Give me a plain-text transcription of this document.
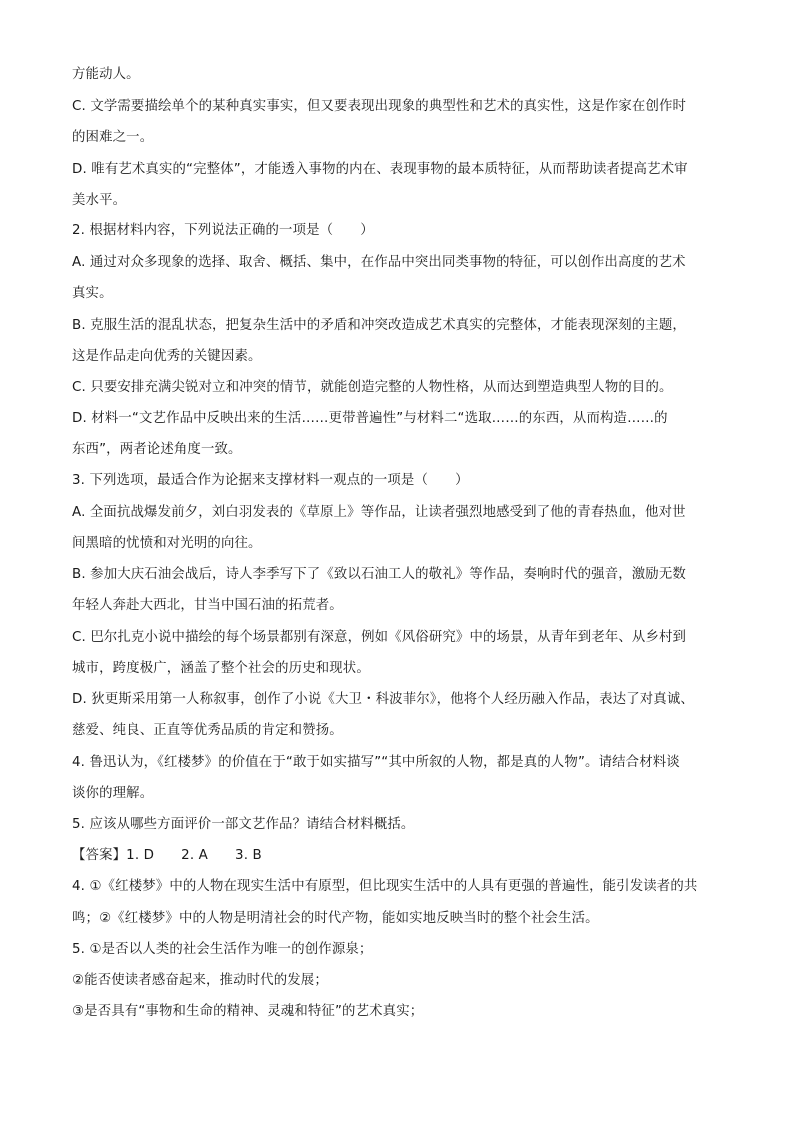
方能动人。
C. 文学需要描绘单个的某种真实事实，但又要表现出现象的典型性和艺术的真实性，这是作家在创作时
的困难之一。
D. 唯有艺术真实的“完整体”，才能透入事物的内在、表现事物的最本质特征，从而帮助读者提高艺术审
美水平。
2. 根据材料内容，下列说法正确的一项是（　　）
A. 通过对众多现象的选择、取舍、概括、集中，在作品中突出同类事物的特征，可以创作出高度的艺术
真实。
B. 克服生活的混乱状态，把复杂生活中的矛盾和冲突改造成艺术真实的完整体，才能表现深刻的主题，
这是作品走向优秀的关键因素。
C. 只要安排充满尖锐对立和冲突的情节，就能创造完整的人物性格，从而达到塑造典型人物的目的。
D. 材料一“文艺作品中反映出来的生活……更带普遍性”与材料二“选取……的东西，从而构造……的
东西”，两者论述角度一致。
3. 下列选项，最适合作为论据来支撑材料一观点的一项是（　　）
A. 全面抗战爆发前夕，刘白羽发表的《草原上》等作品，让读者强烈地感受到了他的青春热血，他对世
间黑暗的忧愤和对光明的向往。
B. 参加大庆石油会战后，诗人李季写下了《致以石油工人的敬礼》等作品，奏响时代的强音，激励无数
年轻人奔赴大西北，甘当中国石油的拓荒者。
C. 巴尔扎克小说中描绘的每个场景都别有深意，例如《风俗研究》中的场景，从青年到老年、从乡村到
城市，跨度极广，涵盖了整个社会的历史和现状。
D. 狄更斯采用第一人称叙事，创作了小说《大卫・科波菲尔》，他将个人经历融入作品，表达了对真诚、
慈爱、纯良、正直等优秀品质的肯定和赞扬。
4. 鲁迅认为，《红楼梦》的价值在于“敢于如实描写”“其中所叙的人物，都是真的人物”。请结合材料谈
谈你的理解。
5. 应该从哪些方面评价一部文艺作品？请结合材料概括。
【答案】1. D　　2. A　　3. B
4. ①《红楼梦》中的人物在现实生活中有原型，但比现实生活中的人具有更强的普遍性，能引发读者的共
鸣；②《红楼梦》中的人物是明清社会的时代产物，能如实地反映当时的整个社会生活。
5. ①是否以人类的社会生活作为唯一的创作源泉；
②能否使读者感奋起来，推动时代的发展；
③是否具有“事物和生命的精神、灵魂和特征”的艺术真实；
